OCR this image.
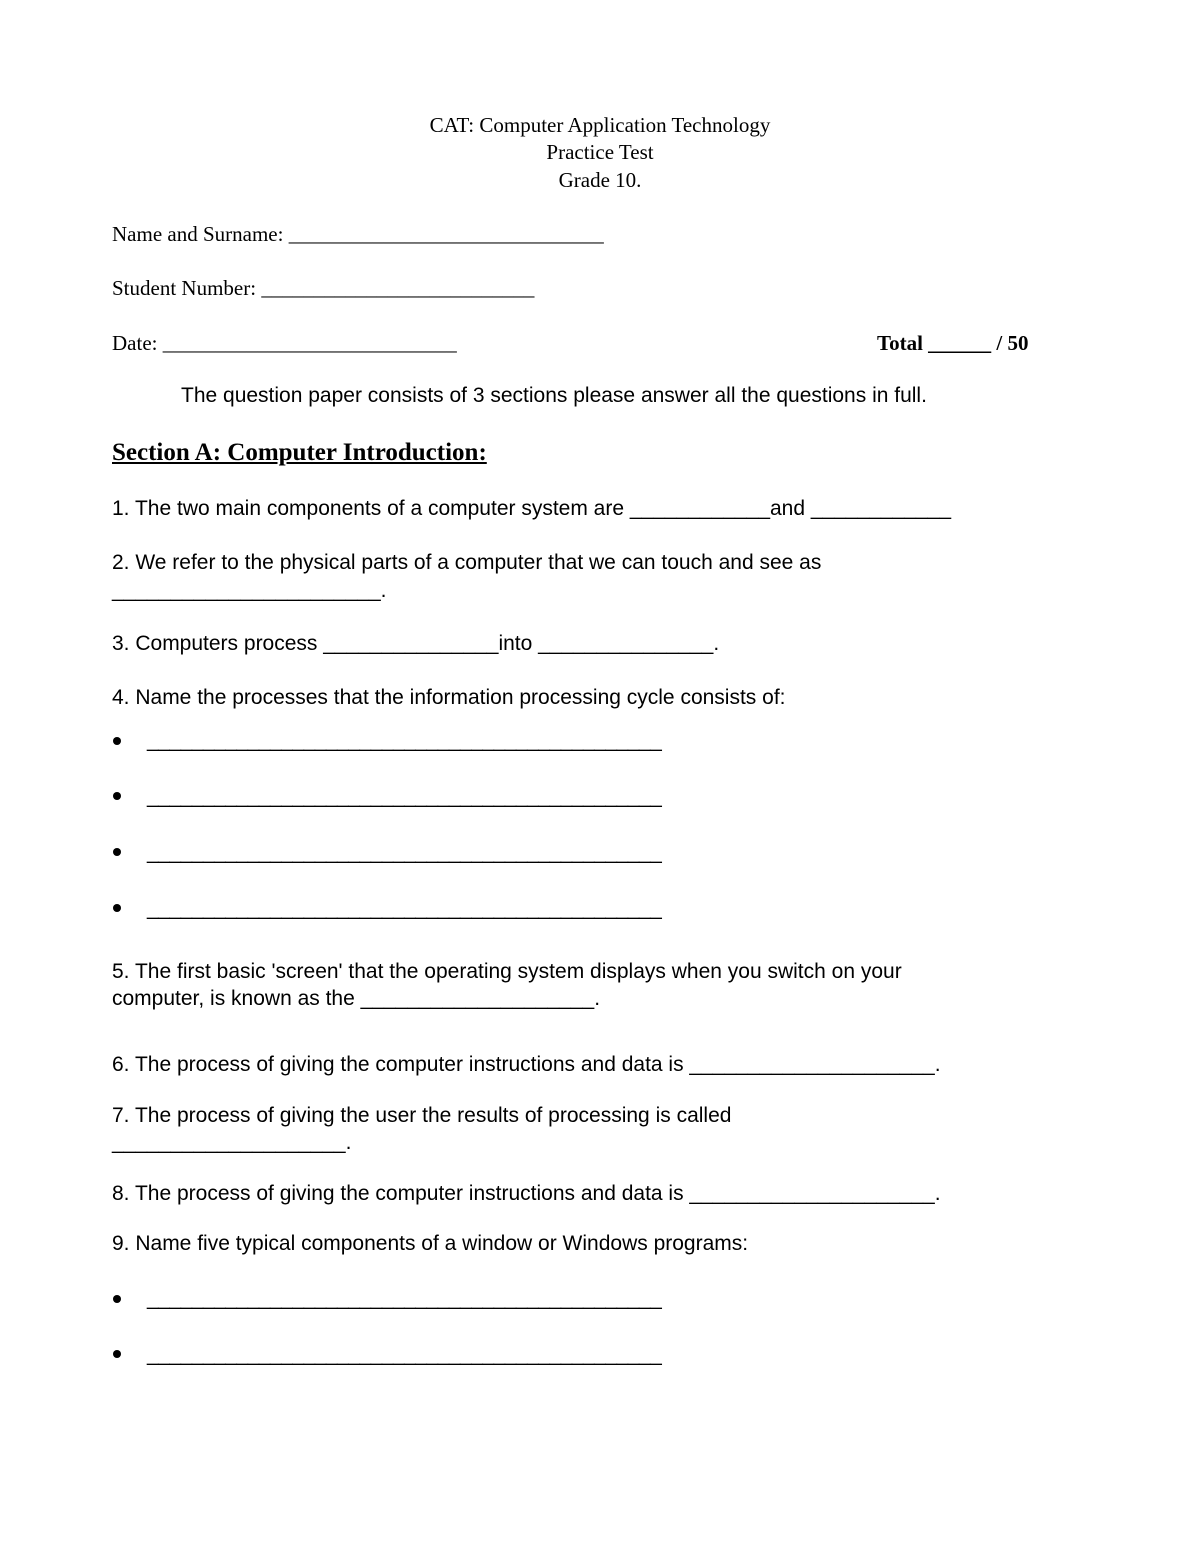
CAT: Computer Application Technology
Practice Test
Grade 10.
Name and Surname: ______________________________
Student Number: __________________________
Date: ____________________________	Total ______ / 50
The question paper consists of 3 sections please answer all the questions in full.
Section A: Computer Introduction:
1. The two main components of a computer system are ____________and ____________
2. We refer to the physical parts of a computer that we can touch and see as
_______________________.
3. Computers process _______________into _______________.
4. Name the processes that the information processing cycle consists of:
______________________________________________
______________________________________________
______________________________________________
______________________________________________
5. The first basic 'screen' that the operating system displays when you switch on your
computer, is known as the ____________________.
6. The process of giving the computer instructions and data is _____________________.
7. The process of giving the user the results of processing is called
____________________.
8. The process of giving the computer instructions and data is _____________________.
9. Name five typical components of a window or Windows programs:
______________________________________________
______________________________________________
